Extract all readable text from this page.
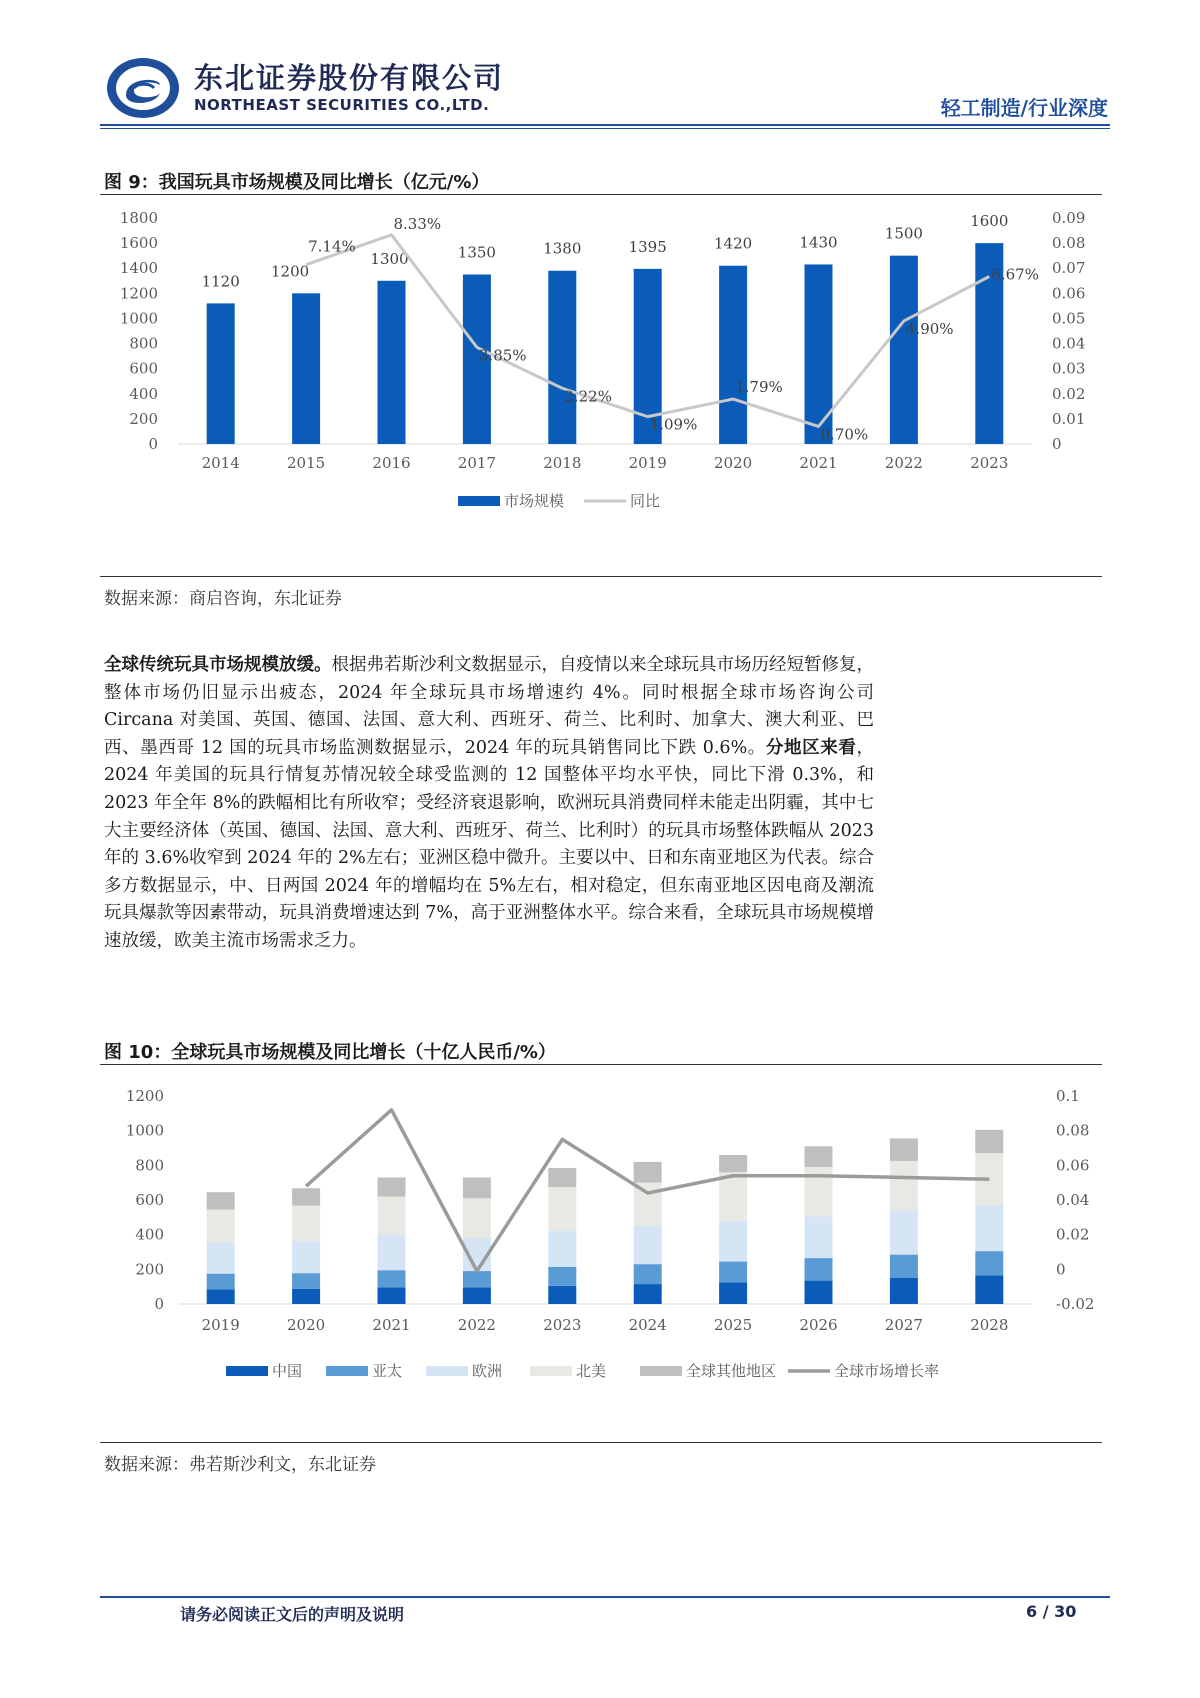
东北证券股份有限公司
NORTHEAST SECURITIES CO.,LTD.	轻工制造/行业深度
图 9：我国玩具市场规模及同比增长（亿元/%）
0
200
400
600
800
1000
1200
1400
1600
1800
0
0.01
0.02
0.03
0.04
0.05
0.06
0.07
0.08
0.09
2014	2015	2016	2017	2018	2019	2020	2021	2022	2023
1120
1200
1300	1350	1380	1395	1420	1430	1500
1600
7.14%
8.33%
3.85%
2.22%
1.09%
1.79%
0.70%
4.90%
6.67%
市场规模	同比
数据来源：商启咨询，东北证券
全球传统玩具市场规模放缓。根据弗若斯沙利文数据显示，自疫情以来全球玩具市场历经短暂修复，整体市场仍旧显示出疲态，2024 年全球玩具市场增速约 4%。同时根据全球市场咨询公司 Circana 对美国、英国、德国、法国、意大利、西班牙、荷兰、比利时、加拿大、澳大利亚、巴西、墨西哥 12 国的玩具市场监测数据显示，2024 年的玩具销售同比下跌 0.6%。分地区来看，2024 年美国的玩具行情复苏情况较全球受监测的 12 国整体平均水平快，同比下滑 0.3%，和 2023 年全年 8%的跌幅相比有所收窄；受经济衰退影响，欧洲玩具消费同样未能走出阴霾，其中七大主要经济体（英国、德国、法国、意大利、西班牙、荷兰、比利时）的玩具市场整体跌幅从 2023 年的 3.6%收窄到 2024 年的 2%左右；亚洲区稳中微升。主要以中、日和东南亚地区为代表。综合多方数据显示，中、日两国 2024 年的增幅均在 5%左右，相对稳定，但东南亚地区因电商及潮流玩具爆款等因素带动，玩具消费增速达到 7%，高于亚洲整体水平。综合来看，全球玩具市场规模增速放缓，欧美主流市场需求乏力。
图 10：全球玩具市场规模及同比增长（十亿人民币/%）
0
200
400
600
800
1000
1200
-0.02
0
0.02
0.04
0.06
0.08
0.1
2019	2020	2021	2022	2023	2024	2025	2026	2027	2028
中国	亚太	欧洲	北美	全球其他地区	全球市场增长率
数据来源：弗若斯沙利文，东北证券
请务必阅读正文后的声明及说明	6 / 30
